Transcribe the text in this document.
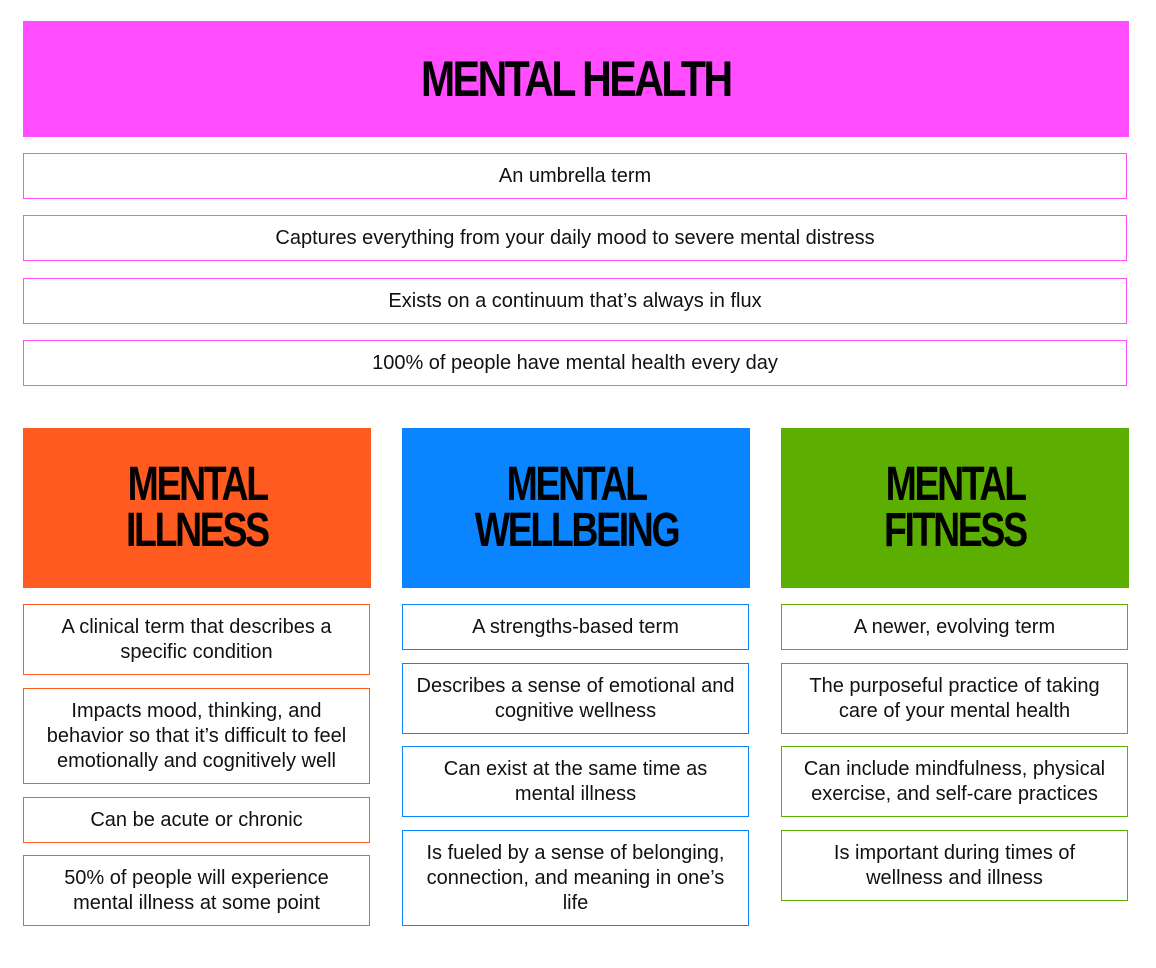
MENTAL HEALTH
An umbrella term
Captures everything from your daily mood to severe mental distress
Exists on a continuum that’s always in flux
100% of people have mental health every day
MENTAL
ILLNESS
A clinical term that describes a specific condition
Impacts mood, thinking, and behavior so that it’s difficult to feel emotionally and cognitively well
Can be acute or chronic
50% of people will experience mental illness at some point
MENTAL
WELLBEING
A strengths-based term
Describes a sense of emotional and cognitive wellness
Can exist at the same time as mental illness
Is fueled by a sense of belonging, connection, and meaning in one’s life
MENTAL
FITNESS
A newer, evolving term
The purposeful practice of taking care of your mental health
Can include mindfulness, physical exercise, and self-care practices
Is important during times of wellness and illness
